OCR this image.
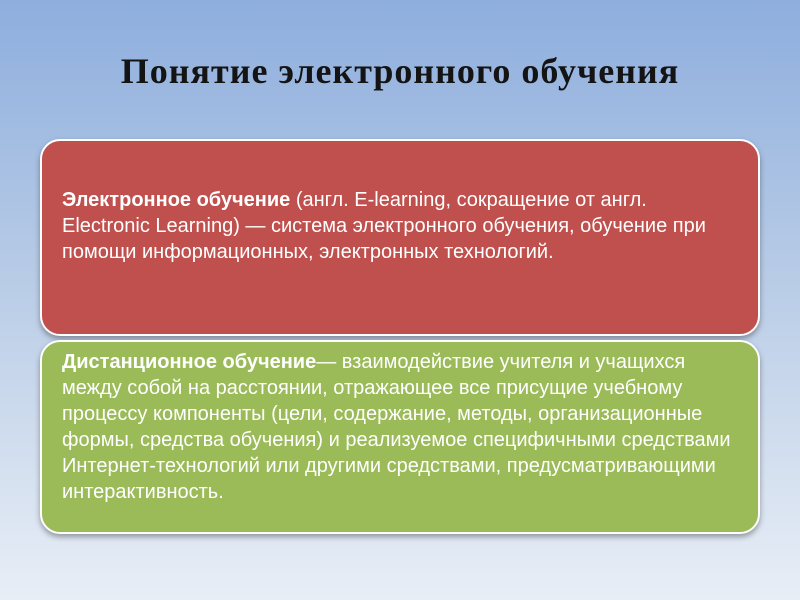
Понятие электронного обучения
Электронное обучение (англ. E-learning, сокращение от англ. Electronic Learning) — система электронного обучения, обучение при помощи информационных, электронных технологий.
Дистанционное обучение— взаимодействие учителя и учащихся между собой на расстоянии, отражающее все присущие учебному процессу компоненты (цели, содержание, методы, организационные формы, средства обучения) и реализуемое специфичными средствами Интернет-технологий или другими средствами, предусматривающими интерактивность.
